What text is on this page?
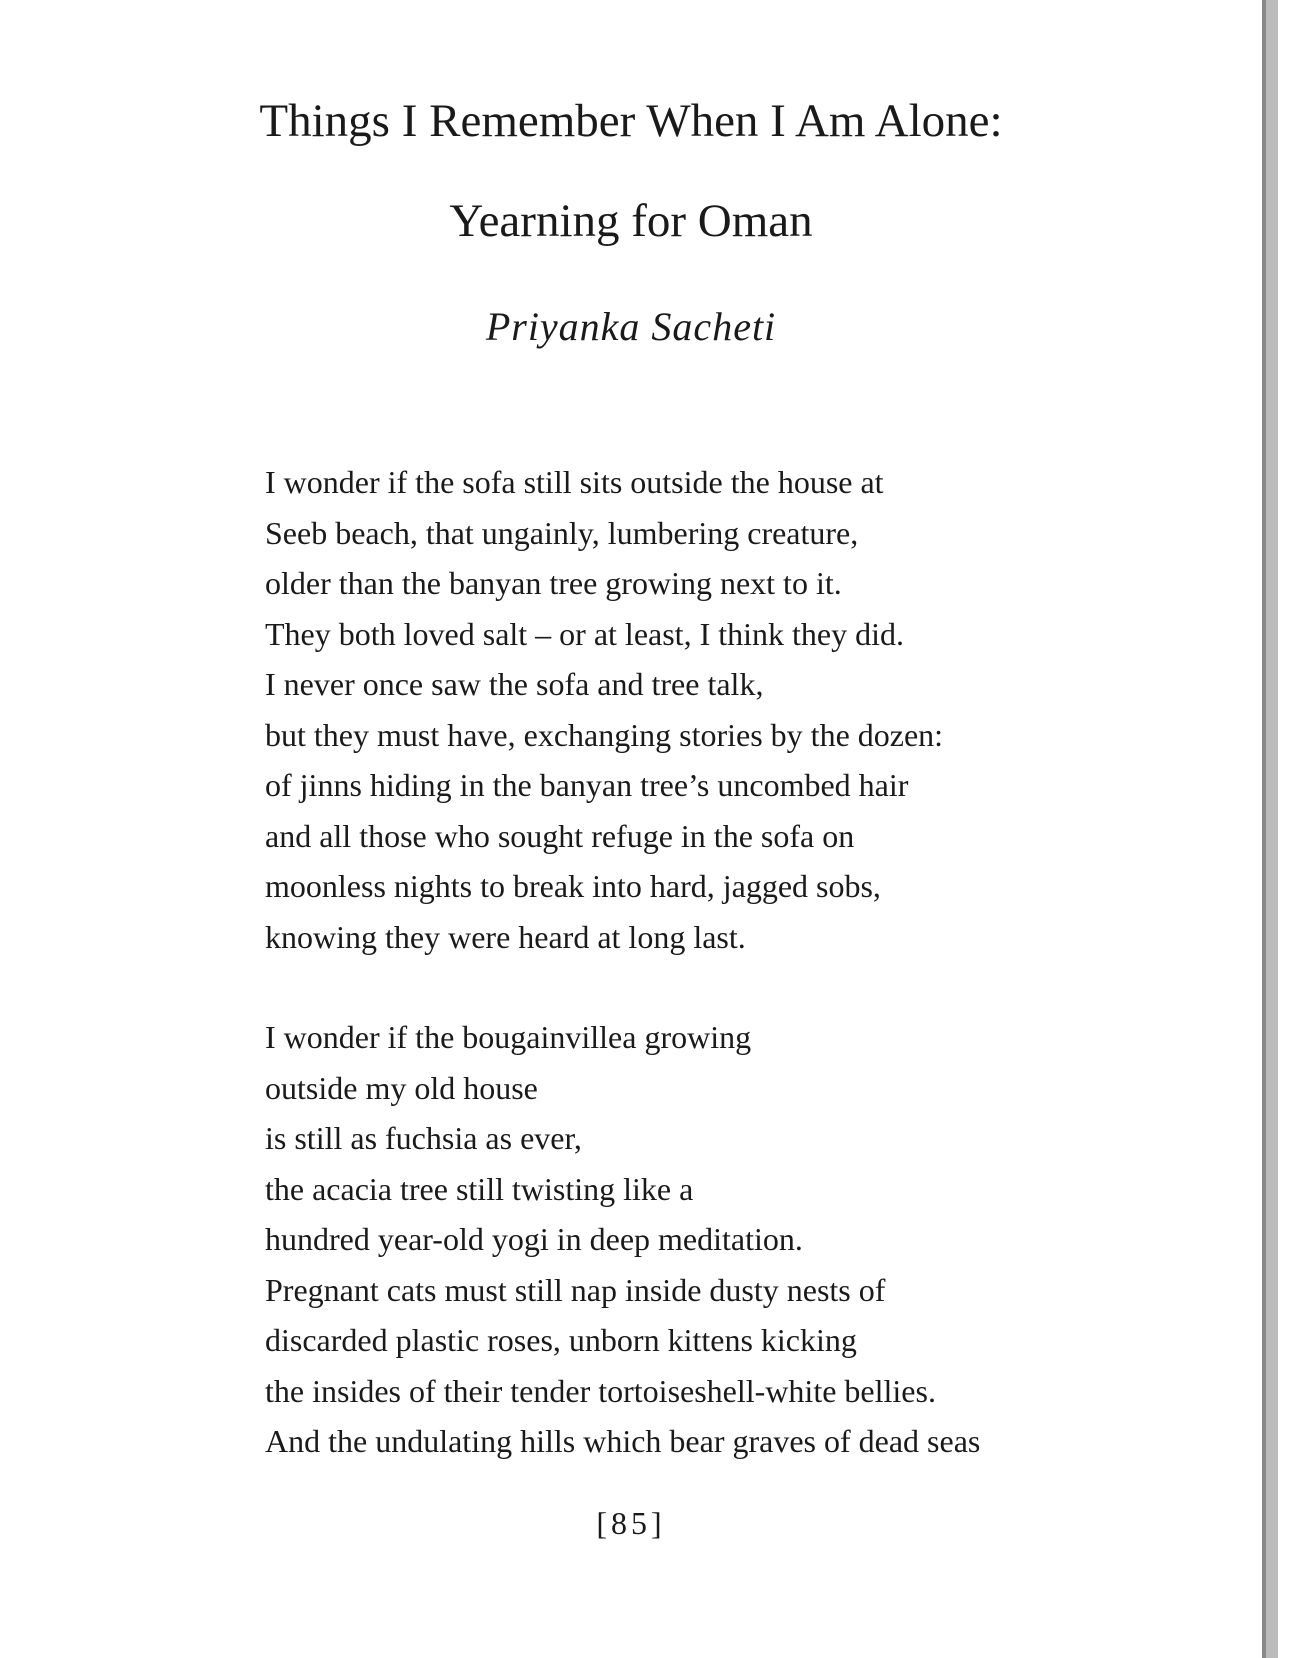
Things I Remember When I Am Alone:
Yearning for Oman
Priyanka Sacheti
I wonder if the sofa still sits outside the house at
Seeb beach, that ungainly, lumbering creature,
older than the banyan tree growing next to it.
They both loved salt – or at least, I think they did.
I never once saw the sofa and tree talk,
but they must have, exchanging stories by the dozen:
of jinns hiding in the banyan tree’s uncombed hair
and all those who sought refuge in the sofa on
moonless nights to break into hard, jagged sobs,
knowing they were heard at long last.
I wonder if the bougainvillea growing
outside my old house
is still as fuchsia as ever,
the acacia tree still twisting like a
hundred year-old yogi in deep meditation.
Pregnant cats must still nap inside dusty nests of
discarded plastic roses, unborn kittens kicking
the insides of their tender tortoiseshell-white bellies.
And the undulating hills which bear graves of dead seas
[85]
